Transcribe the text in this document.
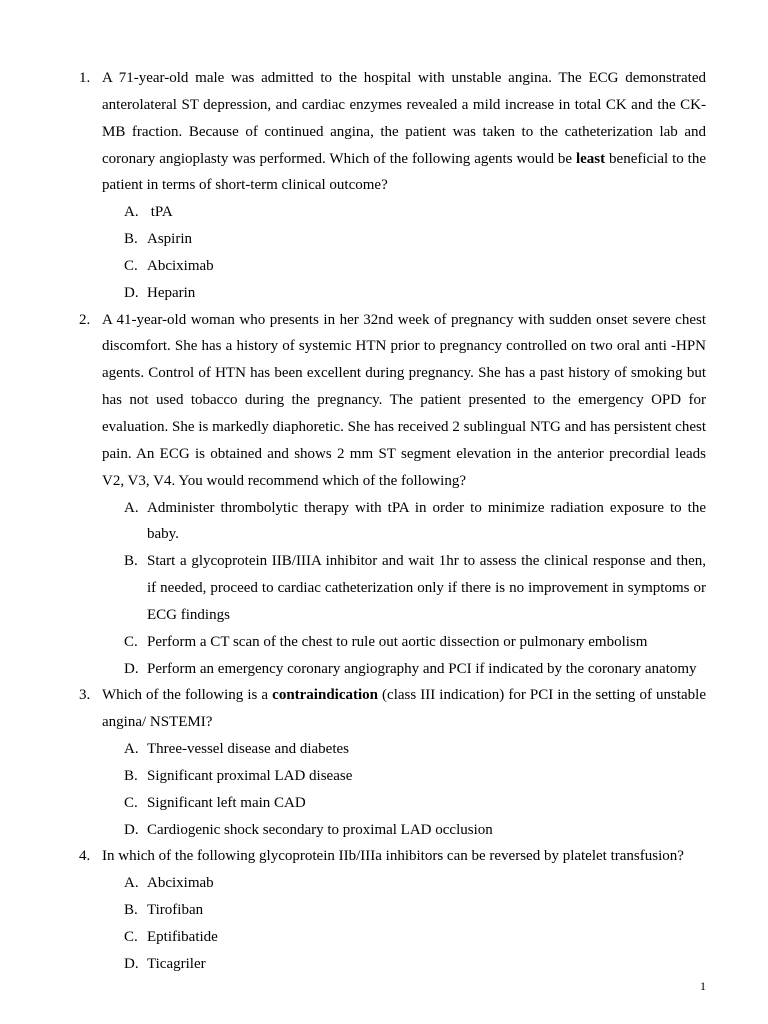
1. A 71-year-old male was admitted to the hospital with unstable angina. The ECG demonstrated anterolateral ST depression, and cardiac enzymes revealed a mild increase in total CK and the CK-MB fraction. Because of continued angina, the patient was taken to the catheterization lab and coronary angioplasty was performed. Which of the following agents would be least beneficial to the patient in terms of short-term clinical outcome?

A. tPA
B. Aspirin
C. Abciximab
D. Heparin
2. A 41-year-old woman who presents in her 32nd week of pregnancy with sudden onset severe chest discomfort. She has a history of systemic HTN prior to pregnancy controlled on two oral anti -HPN agents. Control of HTN has been excellent during pregnancy. She has a past history of smoking but has not used tobacco during the pregnancy. The patient presented to the emergency OPD for evaluation. She is markedly diaphoretic. She has received 2 sublingual NTG and has persistent chest pain. An ECG is obtained and shows 2 mm ST segment elevation in the anterior precordial leads V2, V3, V4. You would recommend which of the following?

A. Administer thrombolytic therapy with tPA in order to minimize radiation exposure to the baby.
B. Start a glycoprotein IIB/IIIA inhibitor and wait 1hr to assess the clinical response and then, if needed, proceed to cardiac catheterization only if there is no improvement in symptoms or ECG findings
C. Perform a CT scan of the chest to rule out aortic dissection or pulmonary embolism
D. Perform an emergency coronary angiography and PCI if indicated by the coronary anatomy
3. Which of the following is a contraindication (class III indication) for PCI in the setting of unstable angina/ NSTEMI?

A. Three-vessel disease and diabetes
B. Significant proximal LAD disease
C. Significant left main CAD
D. Cardiogenic shock secondary to proximal LAD occlusion
4. In which of the following glycoprotein IIb/IIIa inhibitors can be reversed by platelet transfusion?

A. Abciximab
B. Tirofiban
C. Eptifibatide
D. Ticagriler
1
